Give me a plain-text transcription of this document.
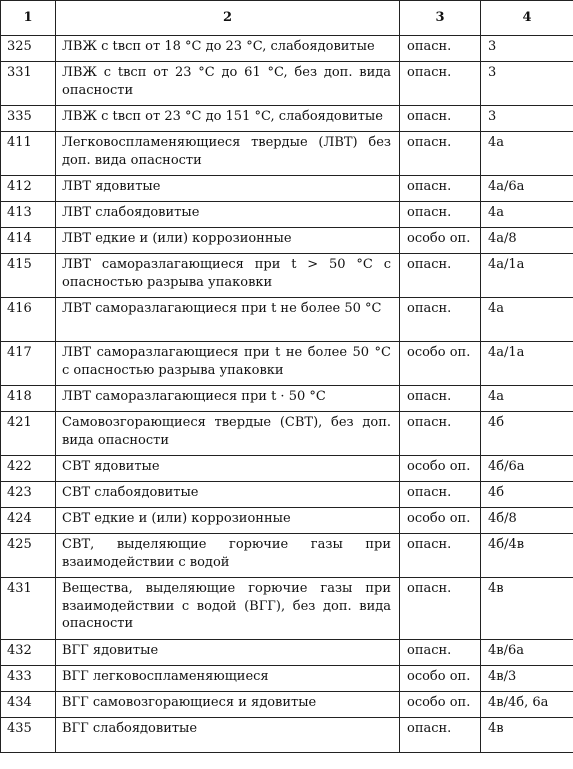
1	2	3	4
325	ЛВЖ с tвсп от 18 °C до 23 °C, слабоядовитые	опасн.	3
331	ЛВЖ с tвсп от 23 °C до 61 °C, без доп. вида опасности	опасн.	3
335	ЛВЖ с tвсп от 23 °C до 151 °C, слабоядовитые	опасн.	3
411	Легковоспламеняющиеся твердые (ЛВТ) без доп. вида опасности	опасн.	4а
412	ЛВТ ядовитые	опасн.	4а/6а
413	ЛВТ слабоядовитые	опасн.	4а
414	ЛВТ едкие и (или) коррозионные	особо оп.	4а/8
415	ЛВТ саморазлагающиеся при t > 50 °C с опасностью разрыва упаковки	опасн.	4а/1а
416	ЛВТ саморазлагающиеся при t не более 50 °C	опасн.	4а
417	ЛВТ саморазлагающиеся при t не более 50 °C с опасностью разрыва упаковки	особо оп.	4а/1а
418	ЛВТ саморазлагающиеся при t · 50 °C	опасн.	4а
421	Самовозгорающиеся твердые (СВТ), без доп. вида опасности	опасн.	4б
422	СВТ ядовитые	особо оп.	4б/6а
423	СВТ слабоядовитые	опасн.	4б
424	СВТ едкие и (или) коррозионные	особо оп.	4б/8
425	СВТ, выделяющие горючие газы при взаимодействии с водой	опасн.	4б/4в
431	Вещества, выделяющие горючие газы при взаимодействии с водой (ВГГ), без доп. вида опасности	опасн.	4в
432	ВГГ ядовитые	опасн.	4в/6а
433	ВГГ легковоспламеняющиеся	особо оп.	4в/3
434	ВГГ самовозгорающиеся и ядовитые	особо оп.	4в/4б, 6а
435	ВГГ слабоядовитые	опасн.	4в
